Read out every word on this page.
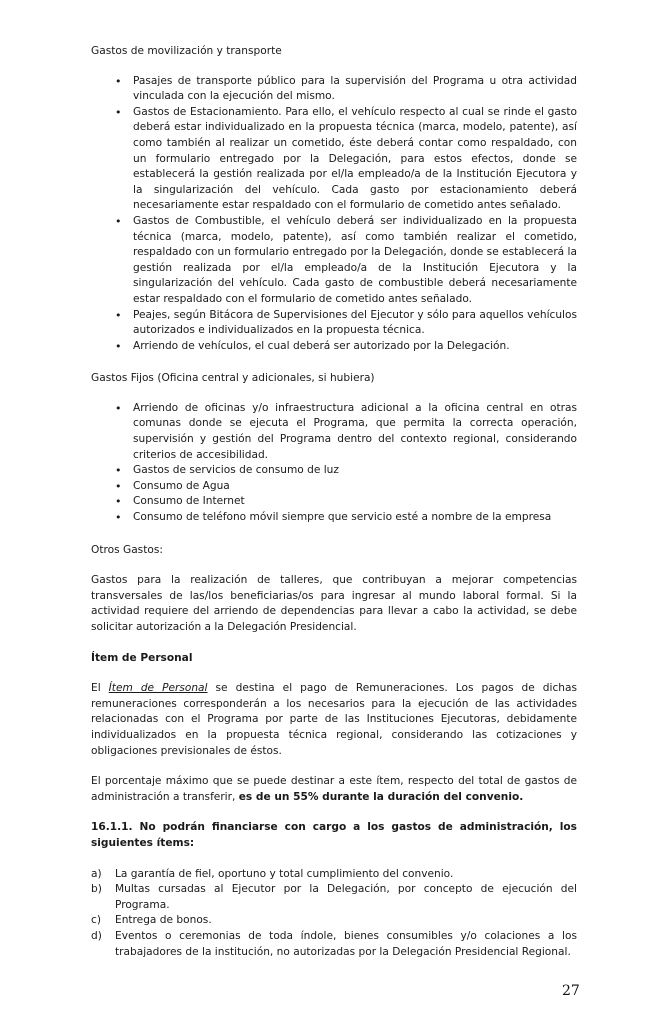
Gastos de movilización y transporte

• Pasajes de transporte público para la supervisión del Programa u otra actividad vinculada con la ejecución del mismo.
• Gastos de Estacionamiento. Para ello, el vehículo respecto al cual se rinde el gasto deberá estar individualizado en la propuesta técnica (marca, modelo, patente), así como también al realizar un cometido, éste deberá contar como respaldado, con un formulario entregado por la Delegación, para estos efectos, donde se establecerá la gestión realizada por el/la empleado/a de la Institución Ejecutora y la singularización del vehículo. Cada gasto por estacionamiento deberá necesariamente estar respaldado con el formulario de cometido antes señalado.
• Gastos de Combustible, el vehículo deberá ser individualizado en la propuesta técnica (marca, modelo, patente), así como también realizar el cometido, respaldado con un formulario entregado por la Delegación, donde se establecerá la gestión realizada por el/la empleado/a de la Institución Ejecutora y la singularización del vehículo. Cada gasto de combustible deberá necesariamente estar respaldado con el formulario de cometido antes señalado.
• Peajes, según Bitácora de Supervisiones del Ejecutor y sólo para aquellos vehículos autorizados e individualizados en la propuesta técnica.
• Arriendo de vehículos, el cual deberá ser autorizado por la Delegación.

Gastos Fijos (Oficina central y adicionales, si hubiera)

• Arriendo de oficinas y/o infraestructura adicional a la oficina central en otras comunas donde se ejecuta el Programa, que permita la correcta operación, supervisión y gestión del Programa dentro del contexto regional, considerando criterios de accesibilidad.
• Gastos de servicios de consumo de luz
• Consumo de Agua
• Consumo de Internet
• Consumo de teléfono móvil siempre que servicio esté a nombre de la empresa

Otros Gastos:

Gastos para la realización de talleres, que contribuyan a mejorar competencias transversales de las/los beneficiarias/os para ingresar al mundo laboral formal. Si la actividad requiere del arriendo de dependencias para llevar a cabo la actividad, se debe solicitar autorización a la Delegación Presidencial.

Ítem de Personal

El Ítem de Personal se destina el pago de Remuneraciones. Los pagos de dichas remuneraciones corresponderán a los necesarios para la ejecución de las actividades relacionadas con el Programa por parte de las Instituciones Ejecutoras, debidamente individualizados en la propuesta técnica regional, considerando las cotizaciones y obligaciones previsionales de éstos.

El porcentaje máximo que se puede destinar a este ítem, respecto del total de gastos de administración a transferir, es de un 55% durante la duración del convenio.

16.1.1. No podrán financiarse con cargo a los gastos de administración, los siguientes ítems:

a) La garantía de fiel, oportuno y total cumplimiento del convenio.
b) Multas cursadas al Ejecutor por la Delegación, por concepto de ejecución del Programa.
c) Entrega de bonos.
d) Eventos o ceremonias de toda índole, bienes consumibles y/o colaciones a los trabajadores de la institución, no autorizadas por la Delegación Presidencial Regional.
27
